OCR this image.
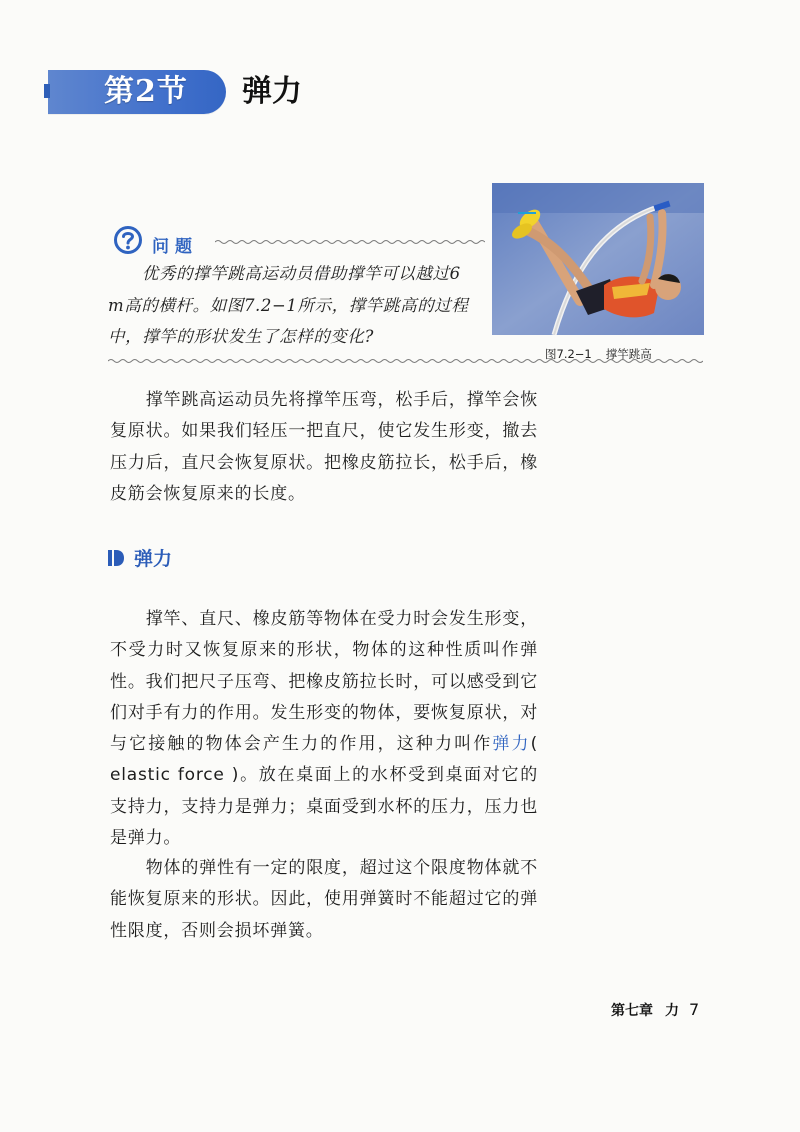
第2节 弹力
问题
优秀的撑竿跳高运动员借助撑竿可以越过6 m高的横杆。如图7.2−1所示，撑竿跳高的过程中，撑竿的形状发生了怎样的变化?
图7.2−1 撑竿跳高
撑竿跳高运动员先将撑竿压弯，松手后，撑竿会恢复原状。如果我们轻压一把直尺，使它发生形变，撤去压力后，直尺会恢复原状。把橡皮筋拉长，松手后，橡皮筋会恢复原来的长度。
弹力
撑竿、直尺、橡皮筋等物体在受力时会发生形变，不受力时又恢复原来的形状，物体的这种性质叫作弹性。我们把尺子压弯、把橡皮筋拉长时，可以感受到它们对手有力的作用。发生形变的物体，要恢复原状，对与它接触的物体会产生力的作用，这种力叫作弹力( elastic force )。放在桌面上的水杯受到桌面对它的支持力，支持力是弹力；桌面受到水杯的压力，压力也是弹力。
物体的弹性有一定的限度，超过这个限度物体就不能恢复原来的形状。因此，使用弹簧时不能超过它的弹性限度，否则会损坏弹簧。
第七章 力 7
